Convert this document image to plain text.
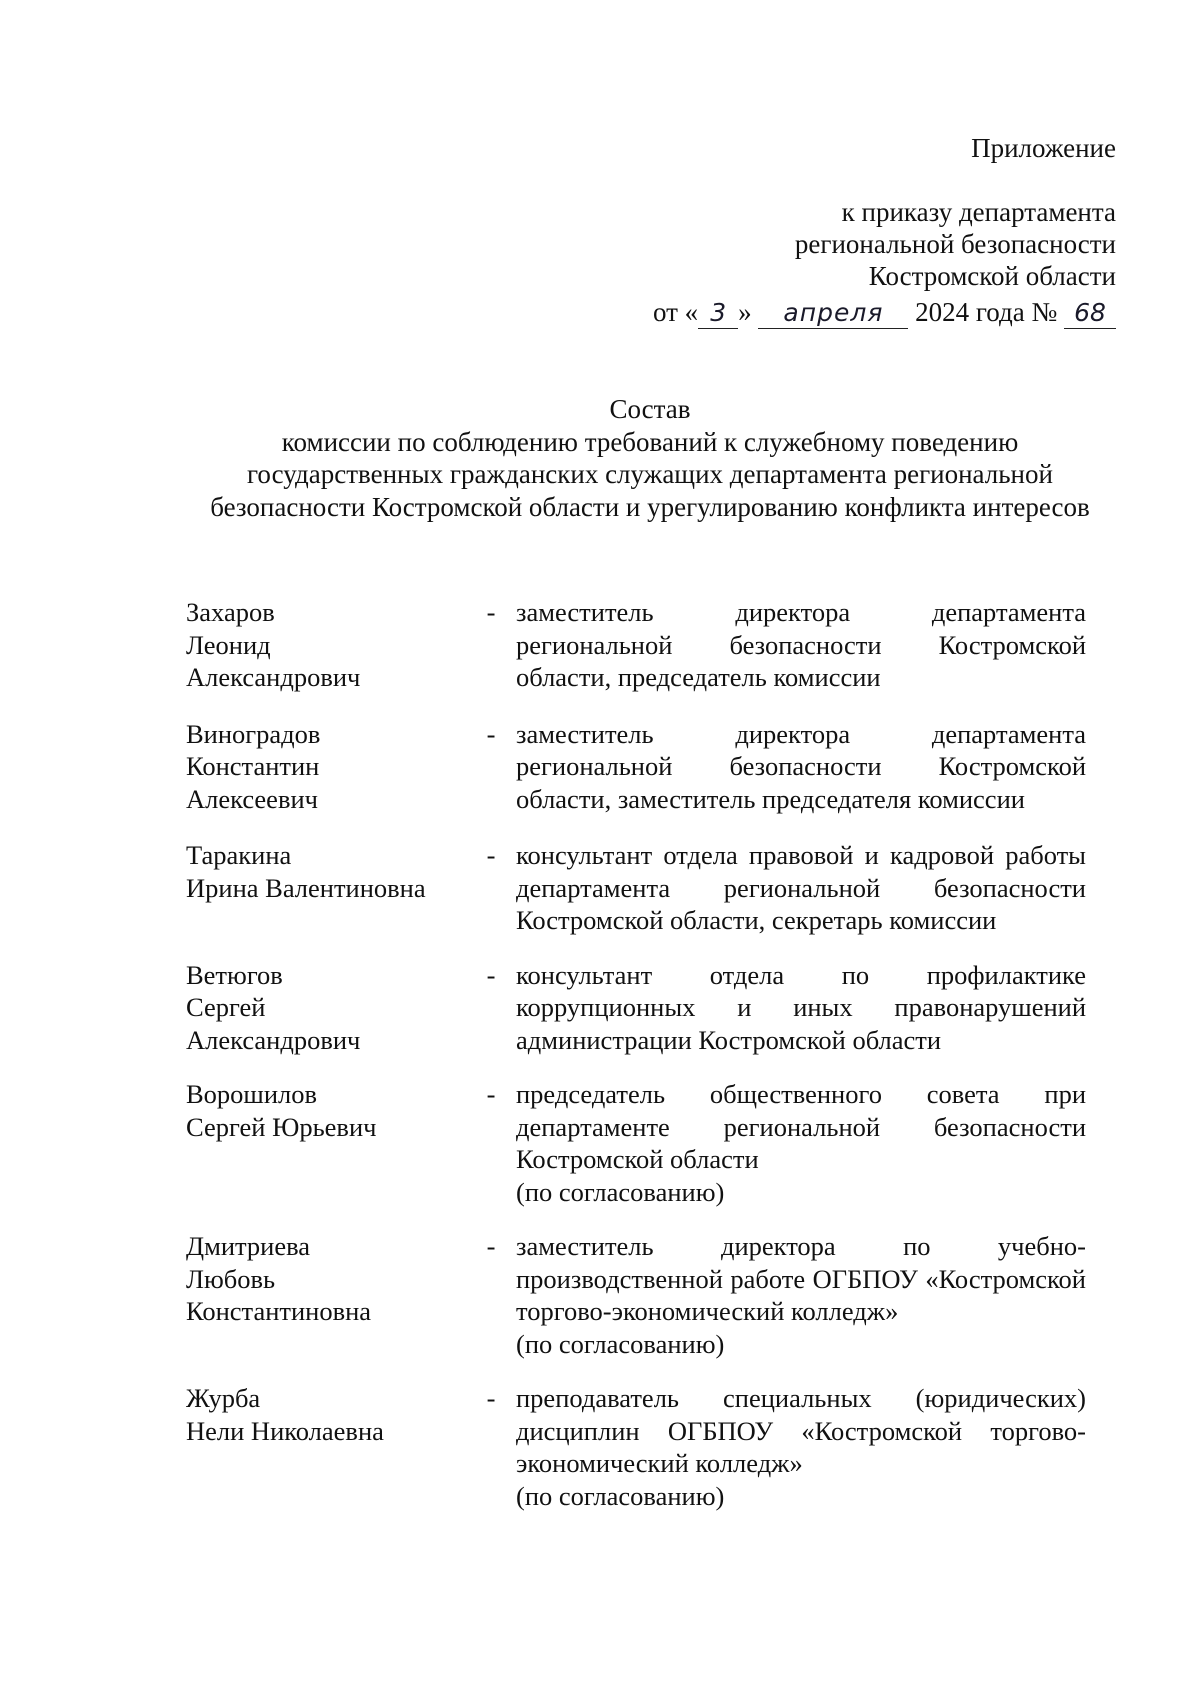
Приложение
к приказу департамента
региональной безопасности
Костромской области
от « 3 » апреля 2024 года № 68
Состав
комиссии по соблюдению требований к служебному поведению
государственных гражданских служащих департамента региональной
безопасности Костромской области и урегулированию конфликта интересов
Захаров
Леонид
Александрович
- заместитель директора департамента региональной безопасности Костромской области, председатель комиссии
Виноградов
Константин
Алексеевич
- заместитель директора департамента региональной безопасности Костромской области, заместитель председателя комиссии
Таракина
Ирина Валентиновна
- консультант отдела правовой и кадровой работы департамента региональной безопасности Костромской области, секретарь комиссии
Ветюгов
Сергей
Александрович
- консультант отдела по профилактике коррупционных и иных правонарушений администрации Костромской области
Ворошилов
Сергей Юрьевич
- председатель общественного совета при департаменте региональной безопасности Костромской области
(по согласованию)
Дмитриева
Любовь
Константиновна
- заместитель директора по учебно-производственной работе ОГБПОУ «Костромской торгово-экономический колледж»
(по согласованию)
Журба
Нели Николаевна
- преподаватель специальных (юридических) дисциплин ОГБПОУ «Костромской торгово-экономический колледж»
(по согласованию)
